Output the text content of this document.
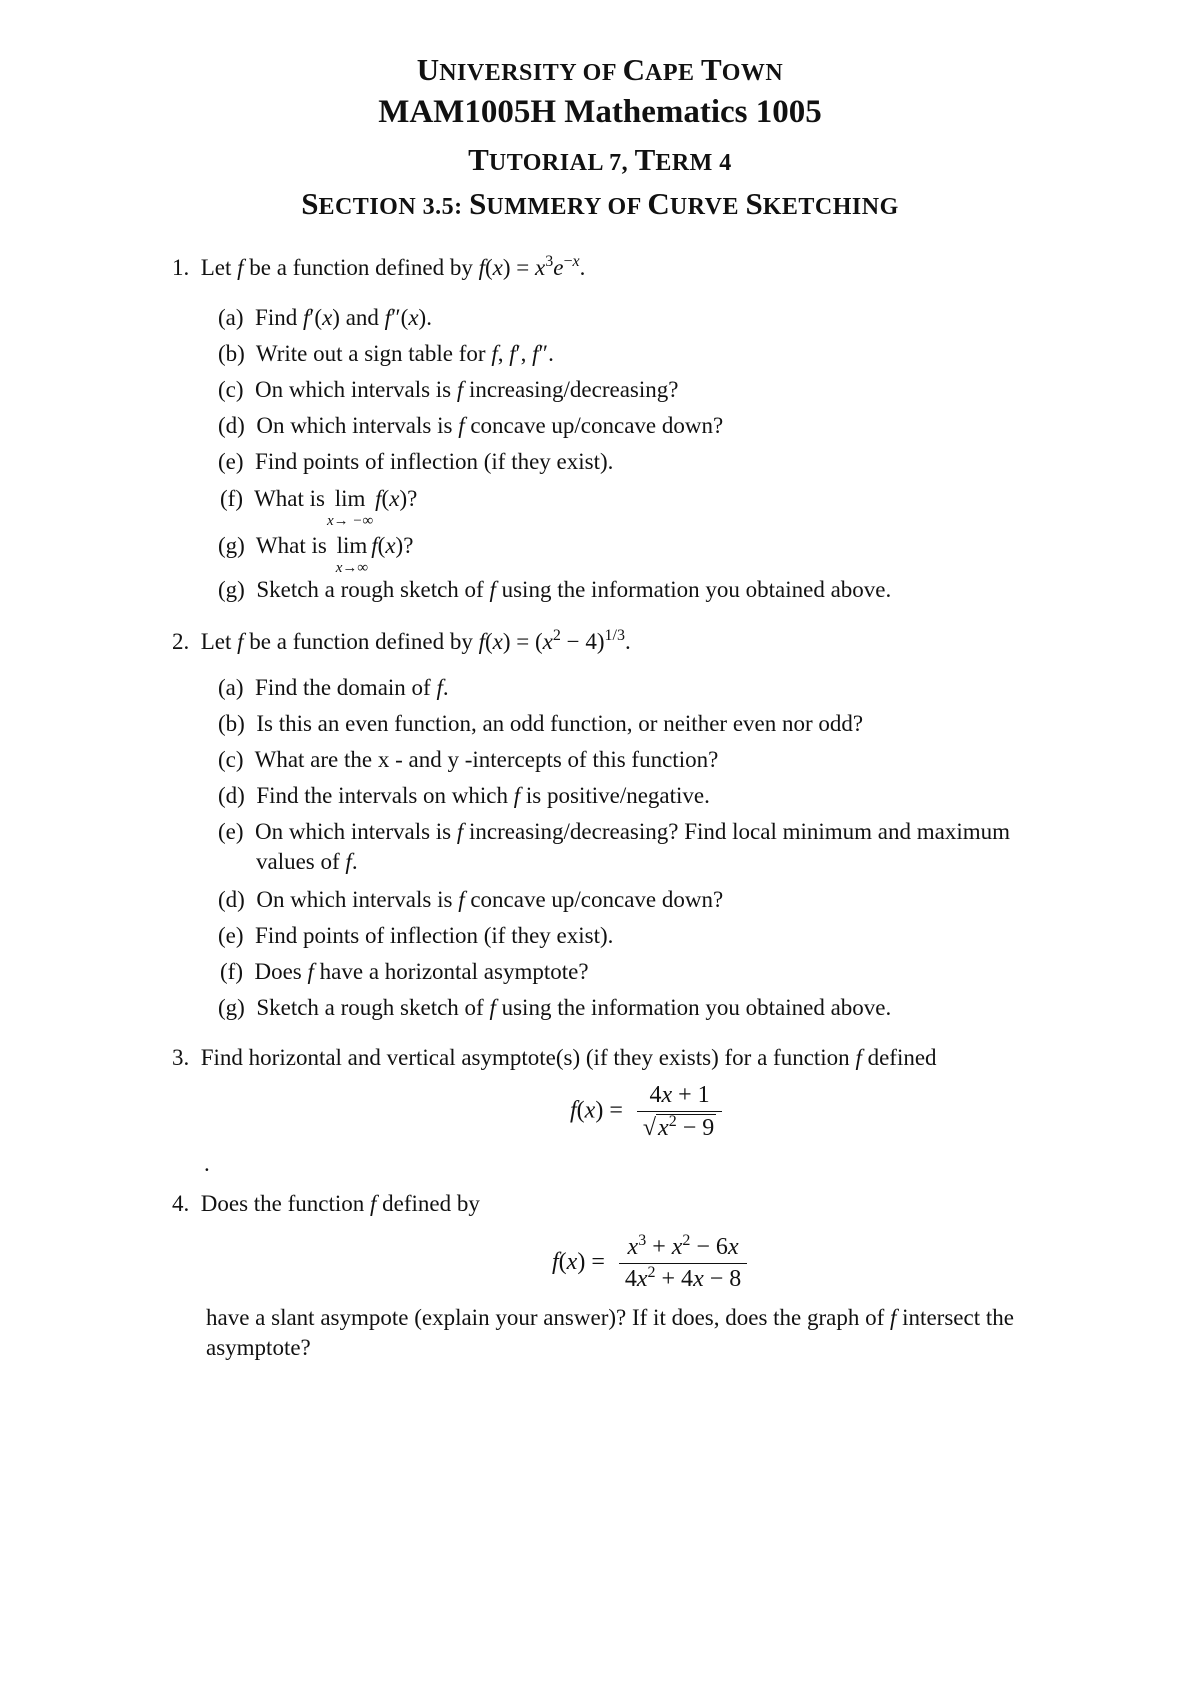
UNIVERSITY OF CAPE TOWN
MAM1005H Mathematics 1005
TUTORIAL 7, TERM 4
SECTION 3.5: SUMMERY OF CURVE SKETCHING
1. Let f be a function defined by $f(x) = x^3e^{-x}$.
(a) Find f′(x) and f″(x).
(b) Write out a sign table for f, f′, f″.
(c) On which intervals is f increasing/decreasing?
(d) On which intervals is f concave up/concave down?
(e) Find points of inflection (if they exist).
(f) What is lim
x→ −∞
f(x)?
(g) What is lim
x→∞
f(x)?
(g) Sketch a rough sketch of f using the information you obtained above.
2. Let f be a function defined by $f(x) = (x^2 - 4)^{1/3}$.
(a) Find the domain of f.
(b) Is this an even function, an odd function, or neither even nor odd?
(c) What are the x - and y -intercepts of this function?
(d) Find the intervals on which f is positive/negative.
(e) On which intervals is f increasing/decreasing? Find local minimum and maximum
values of f.
(d) On which intervals is f concave up/concave down?
(e) Find points of inflection (if they exist).
(f) Does f have a horizontal asymptote?
(g) Sketch a rough sketch of f using the information you obtained above.
3. Find horizontal and vertical asymptote(s) (if they exists) for a function f defined
$f(x) = \frac{4x + 1}{√x^2 - 9}$
.
4. Does the function f defined by
$f(x) = \frac{x^3 + x^2 - 6x}{4x^2 + 4x - 8}$
have a slant asympote (explain your answer)? If it does, does the graph of f intersect the
asymptote?
